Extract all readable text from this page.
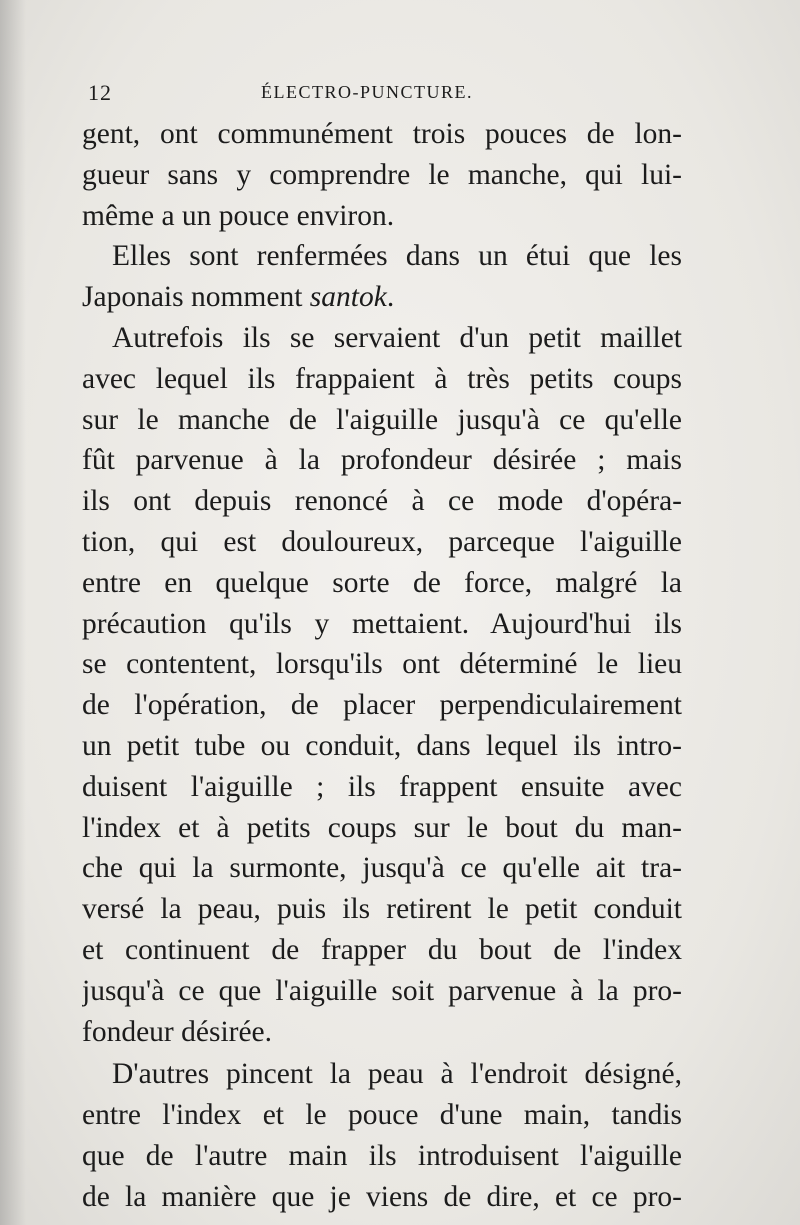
12	ÉLECTRO-PUNCTURE.
gent, ont communément trois pouces de lon-
gueur sans y comprendre le manche, qui lui-
même a un pouce environ.
Elles sont renfermées dans un étui que les
Japonais nomment santok.
Autrefois ils se servaient d'un petit maillet
avec lequel ils frappaient à très petits coups
sur le manche de l'aiguille jusqu'à ce qu'elle
fût parvenue à la profondeur désirée ; mais
ils ont depuis renoncé à ce mode d'opéra-
tion, qui est douloureux, parceque l'aiguille
entre en quelque sorte de force, malgré la
précaution qu'ils y mettaient. Aujourd'hui ils
se contentent, lorsqu'ils ont déterminé le lieu
de l'opération, de placer perpendiculairement
un petit tube ou conduit, dans lequel ils intro-
duisent l'aiguille ; ils frappent ensuite avec
l'index et à petits coups sur le bout du man-
che qui la surmonte, jusqu'à ce qu'elle ait tra-
versé la peau, puis ils retirent le petit conduit
et continuent de frapper du bout de l'index
jusqu'à ce que l'aiguille soit parvenue à la pro-
fondeur désirée.
D'autres pincent la peau à l'endroit désigné,
entre l'index et le pouce d'une main, tandis
que de l'autre main ils introduisent l'aiguille
de la manière que je viens de dire, et ce pro-
